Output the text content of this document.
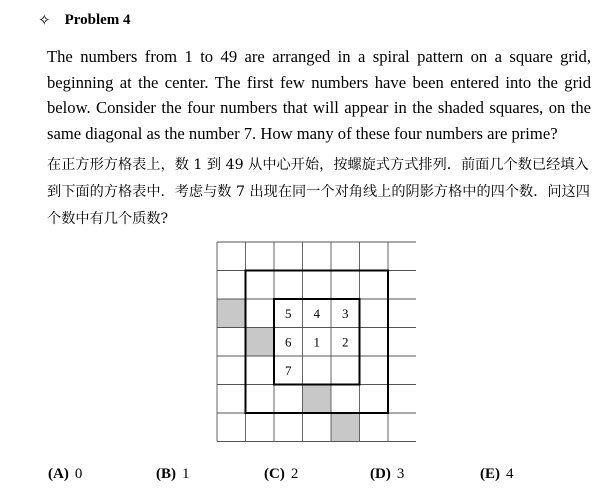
✧ Problem 4

The numbers from 1 to 49 are arranged in a spiral pattern on a square grid, beginning at the center. The first few numbers have been entered into the grid below. Consider the four numbers that will appear in the shaded squares, on the same diagonal as the number 7. How many of these four numbers are prime?

在正方形方格表上，数 1 到 49 从中心开始，按螺旋式方式排列．前面几个数已经填入到下面的方格表中．考虑与数 7 出现在同一个对角线上的阴影方格中的四个数．问这四个数中有几个质数?

5 4 3
6 1 2
7
(A) 0	(B) 1	(C) 2	(D) 3	(E) 4
